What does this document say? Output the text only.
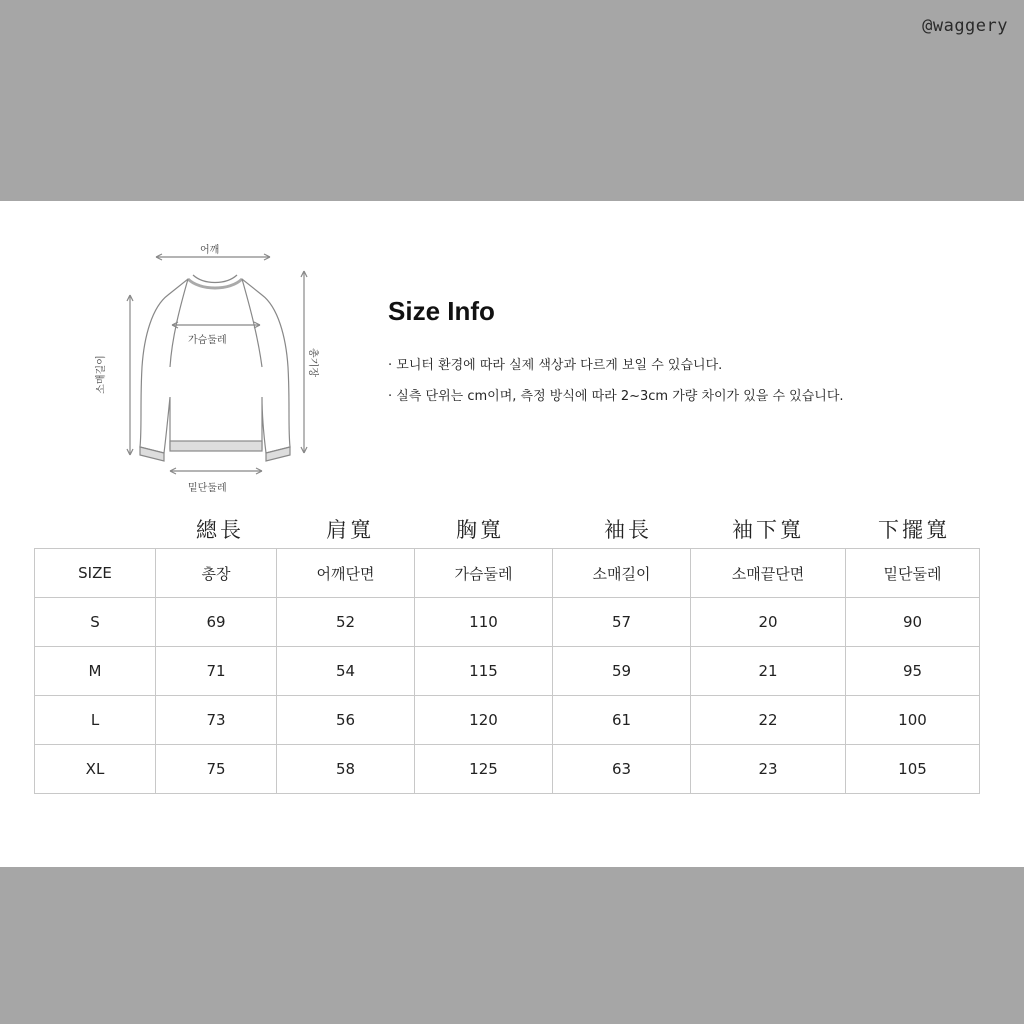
@waggery
어깨
가슴둘레
밑단둘레
소매길이	총기장
Size Info
· 모니터 환경에 따라 실제 색상과 다르게 보일 수 있습니다.
· 실측 단위는 cm이며, 측정 방식에 따라 2~3cm 가량 차이가 있을 수 있습니다.
總長	肩寬	胸寬	袖長	袖下寬	下擺寬
SIZE	총장	어깨단면	가슴둘레	소매길이	소매끝단면	밑단둘레
S	69	52	110	57	20	90
M	71	54	115	59	21	95
L	73	56	120	61	22	100
XL	75	58	125	63	23	105
